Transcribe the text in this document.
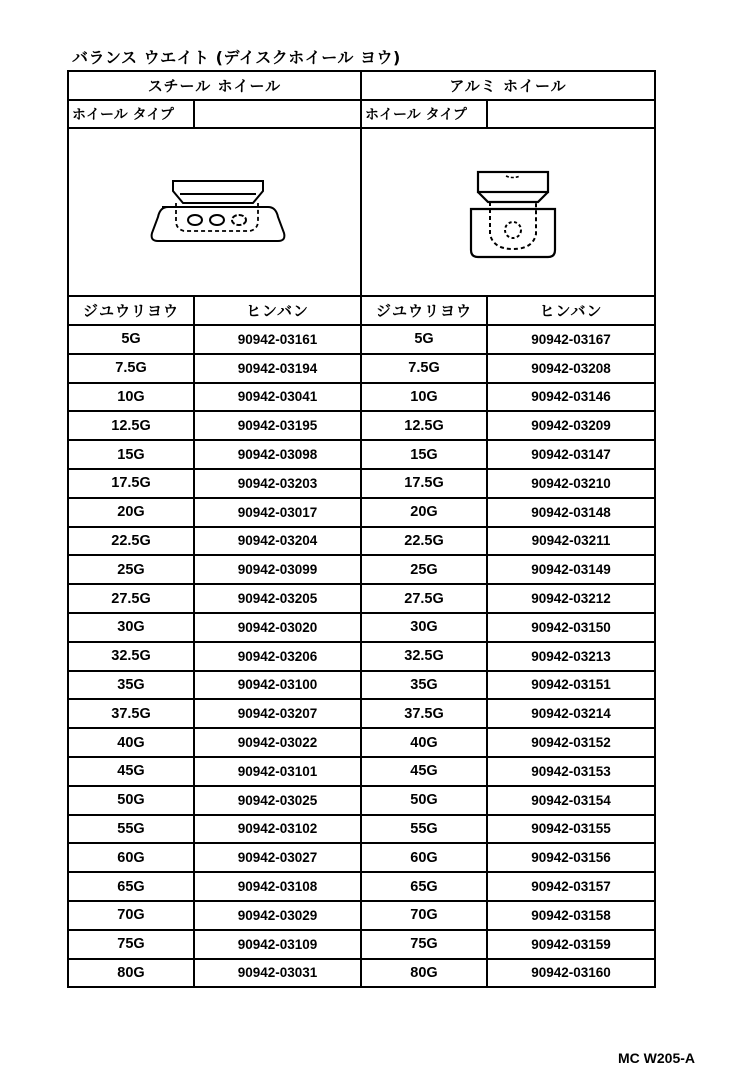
バランス ウエイト (デイスクホイール ヨウ)
スチール ホイール		アルミ ホイール	
ホイール タイプ		ホイール タイプ	

ジユウリヨウ	ヒンバン	ジユウリヨウ	ヒンバン
5G	90942-03161	5G	90942-03167
7.5G	90942-03194	7.5G	90942-03208
10G	90942-03041	10G	90942-03146
12.5G	90942-03195	12.5G	90942-03209
15G	90942-03098	15G	90942-03147
17.5G	90942-03203	17.5G	90942-03210
20G	90942-03017	20G	90942-03148
22.5G	90942-03204	22.5G	90942-03211
25G	90942-03099	25G	90942-03149
27.5G	90942-03205	27.5G	90942-03212
30G	90942-03020	30G	90942-03150
32.5G	90942-03206	32.5G	90942-03213
35G	90942-03100	35G	90942-03151
37.5G	90942-03207	37.5G	90942-03214
40G	90942-03022	40G	90942-03152
45G	90942-03101	45G	90942-03153
50G	90942-03025	50G	90942-03154
55G	90942-03102	55G	90942-03155
60G	90942-03027	60G	90942-03156
65G	90942-03108	65G	90942-03157
70G	90942-03029	70G	90942-03158
75G	90942-03109	75G	90942-03159
80G	90942-03031	80G	90942-03160
MC W205-A
